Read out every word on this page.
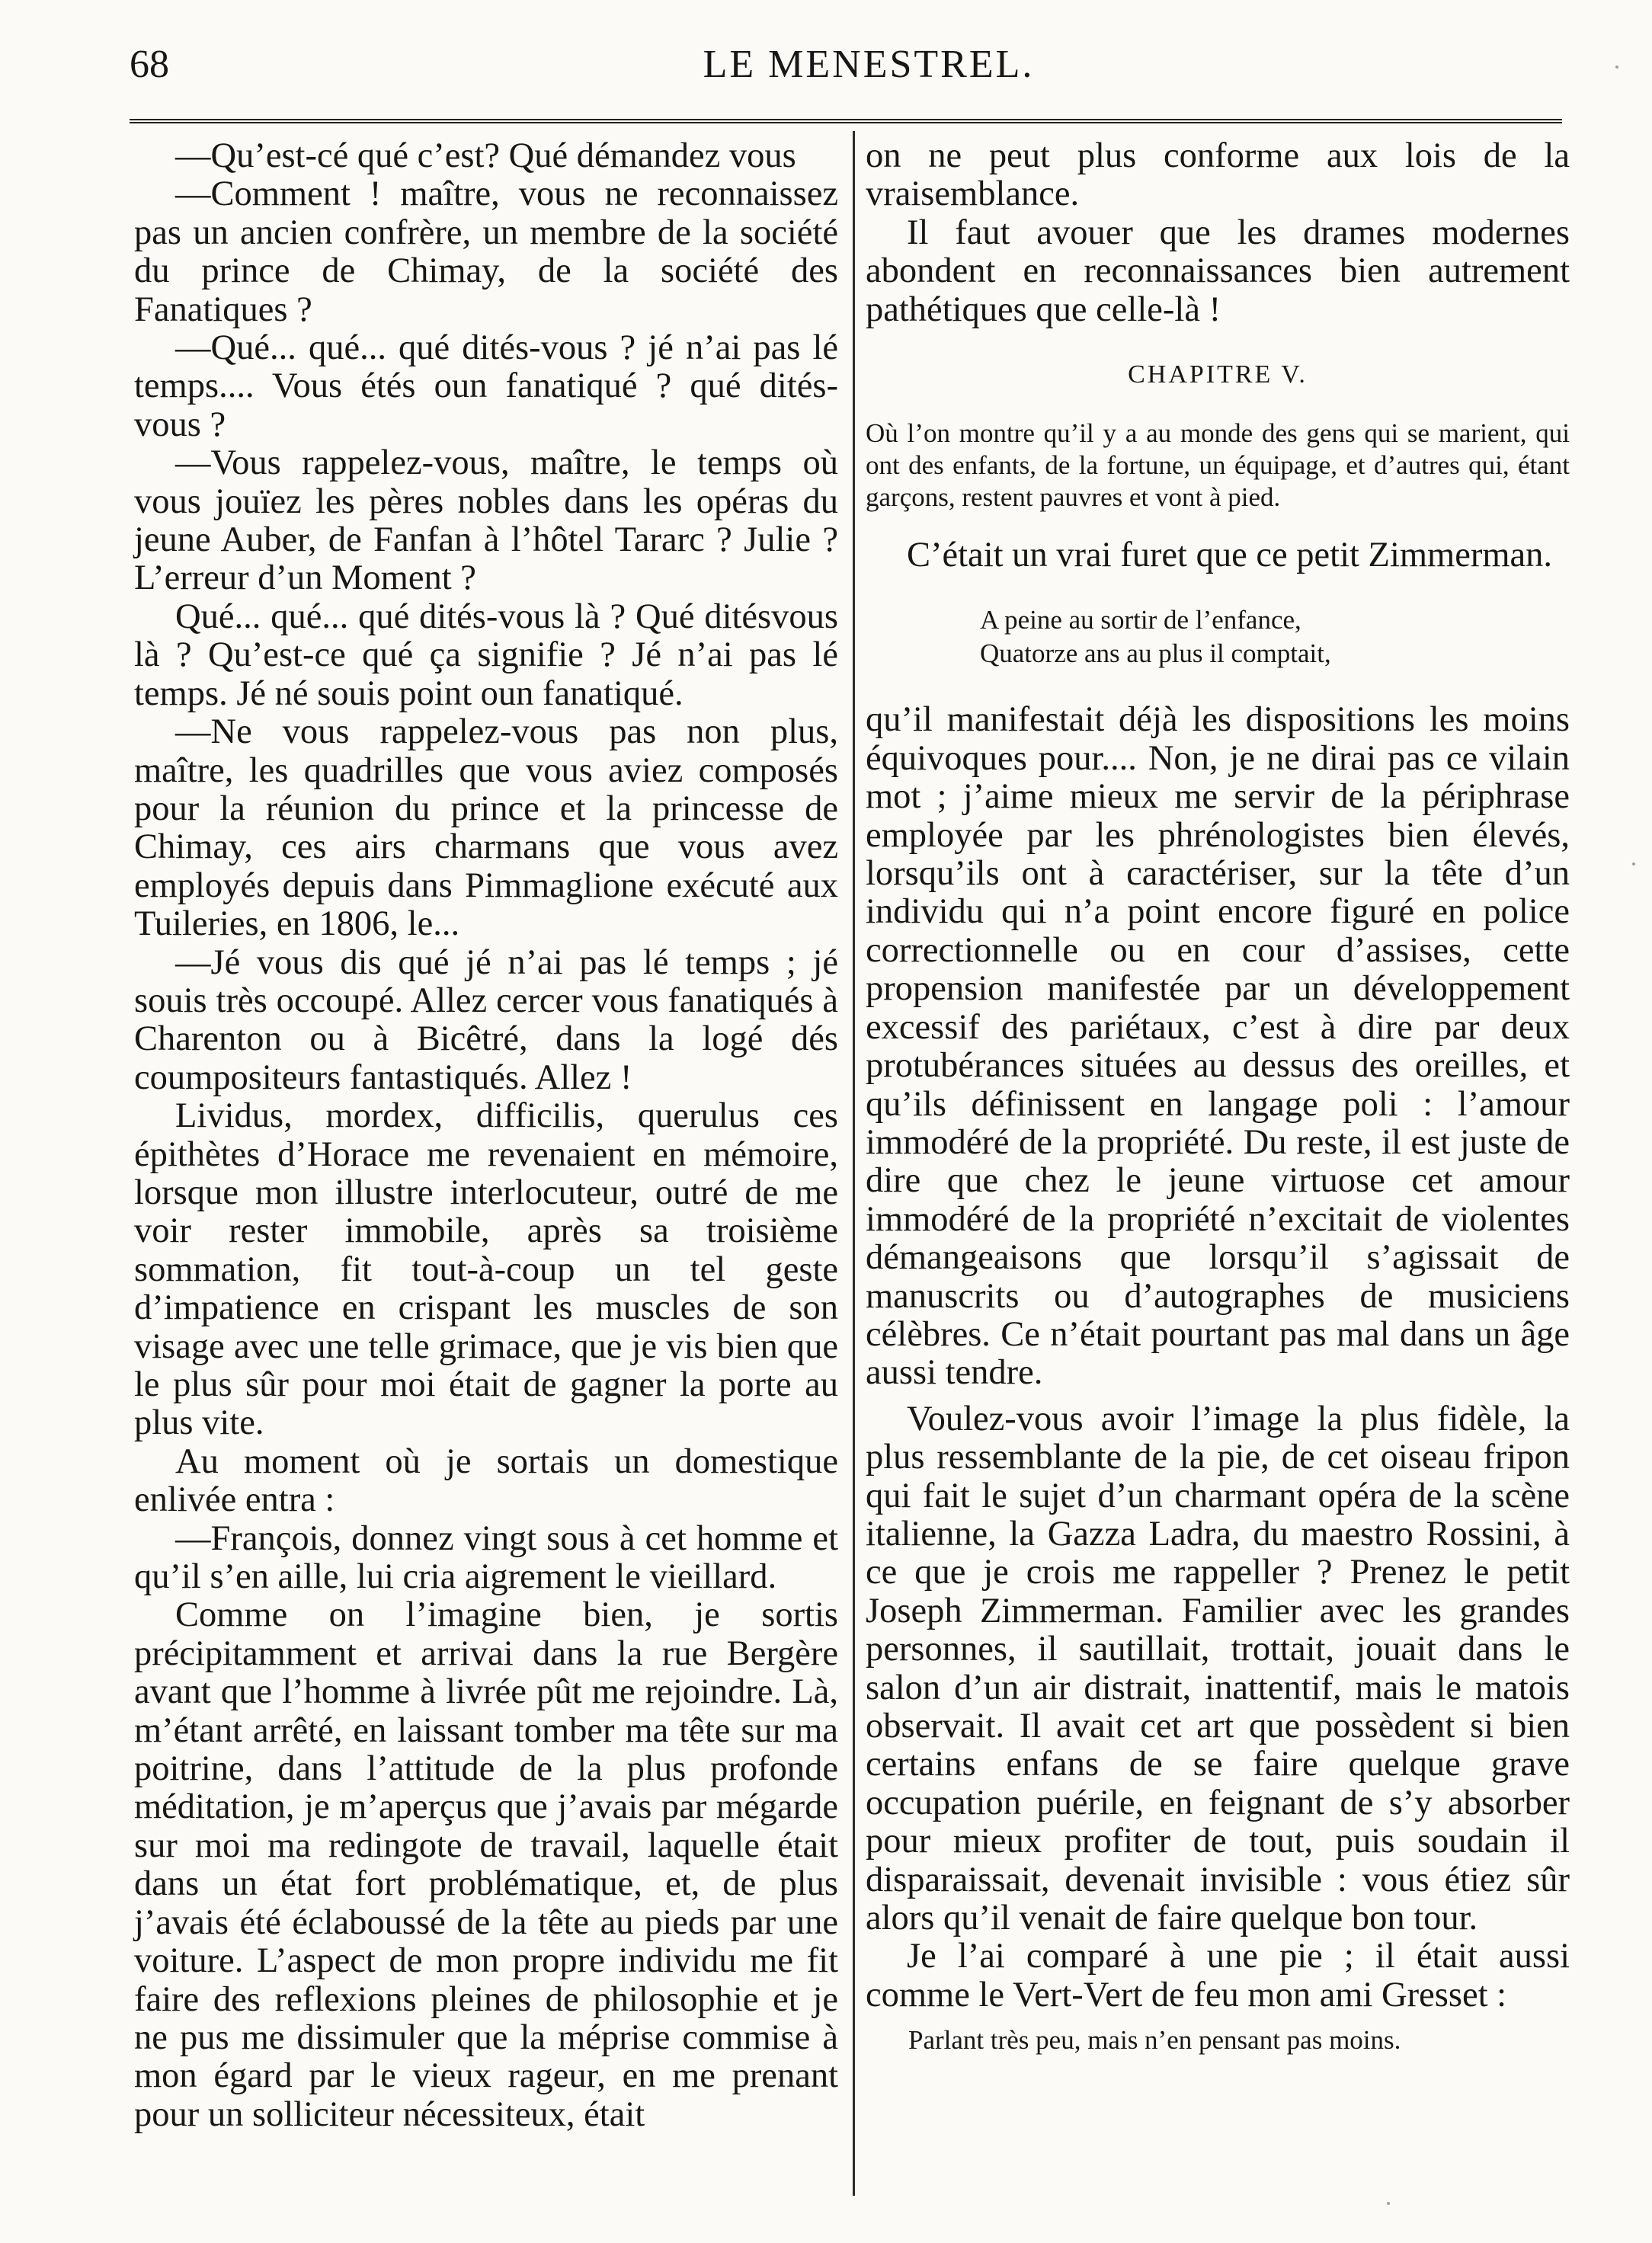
68	LE MENESTREL.

—Qu’est-cé qué c’est? Qué démandez vous

—Comment ! maître, vous ne reconnaissez pas un ancien confrère, un membre de la société du prince de Chimay, de la société des Fanatiques ?

—Qué... qué... qué dités-vous ? jé n’ai pas lé temps.... Vous étés oun fanatiqué ? qué dités-vous ?

—Vous rappelez-vous, maître, le temps où vous jouïez les pères nobles dans les opéras du jeune Auber, de Fanfan à l’hôtel Tararc ? Julie ? L’erreur d’un Moment ?

Qué... qué... qué dités-vous là ? Qué ditésvous là ? Qu’est-ce qué ça signifie ? Jé n’ai pas lé temps. Jé né souis point oun fanatiqué.

—Ne vous rappelez-vous pas non plus, maître, les quadrilles que vous aviez composés pour la réunion du prince et la princesse de Chimay, ces airs charmans que vous avez employés depuis dans Pimmaglione exécuté aux Tuileries, en 1806, le...

—Jé vous dis qué jé n’ai pas lé temps ; jé souis très occoupé. Allez cercer vous fanatiqués à Charenton ou à Bicêtré, dans la logé dés coumpositeurs fantastiqués. Allez !

Lividus, mordex, difficilis, querulus ces épithètes d’Horace me revenaient en mémoire, lorsque mon illustre interlocuteur, outré de me voir rester immobile, après sa troisième sommation, fit tout-à-coup un tel geste d’impatience en crispant les muscles de son visage avec une telle grimace, que je vis bien que le plus sûr pour moi était de gagner la porte au plus vite.

Au moment où je sortais un domestique enlivée entra :

—François, donnez vingt sous à cet homme et qu’il s’en aille, lui cria aigrement le vieillard.

Comme on l’imagine bien, je sortis précipitamment et arrivai dans la rue Bergère avant que l’homme à livrée pût me rejoindre. Là, m’étant arrêté, en laissant tomber ma tête sur ma poitrine, dans l’attitude de la plus profonde méditation, je m’aperçus que j’avais par mégarde sur moi ma redingote de travail, laquelle était dans un état fort problématique, et, de plus j’avais été éclaboussé de la tête au pieds par une voiture. L’aspect de mon propre individu me fit faire des reflexions pleines de philosophie et je ne pus me dissimuler que la méprise commise à mon égard par le vieux rageur, en me prenant pour un solliciteur nécessiteux, était

on ne peut plus conforme aux lois de la vraisemblance.

Il faut avouer que les drames modernes abondent en reconnaissances bien autrement pathétiques que celle-là !

CHAPITRE V.

Où l’on montre qu’il y a au monde des gens qui se marient, qui ont des enfants, de la fortune, un équipage, et d’autres qui, étant garçons, restent pauvres et vont à pied.

C’était un vrai furet que ce petit Zimmerman.

A peine au sortir de l’enfance,
Quatorze ans au plus il comptait,

qu’il manifestait déjà les dispositions les moins équivoques pour.... Non, je ne dirai pas ce vilain mot ; j’aime mieux me servir de la périphrase employée par les phrénologistes bien élevés, lorsqu’ils ont à caractériser, sur la tête d’un individu qui n’a point encore figuré en police correctionnelle ou en cour d’assises, cette propension manifestée par un développement excessif des pariétaux, c’est à dire par deux protubérances situées au dessus des oreilles, et qu’ils définissent en langage poli : l’amour immodéré de la propriété. Du reste, il est juste de dire que chez le jeune virtuose cet amour immodéré de la propriété n’excitait de violentes démangeaisons que lorsqu’il s’agissait de manuscrits ou d’autographes de musiciens célèbres. Ce n’était pourtant pas mal dans un âge aussi tendre.

Voulez-vous avoir l’image la plus fidèle, la plus ressemblante de la pie, de cet oiseau fripon qui fait le sujet d’un charmant opéra de la scène italienne, la Gazza Ladra, du maestro Rossini, à ce que je crois me rappeller ? Prenez le petit Joseph Zimmerman. Familier avec les grandes personnes, il sautillait, trottait, jouait dans le salon d’un air distrait, inattentif, mais le matois observait. Il avait cet art que possèdent si bien certains enfans de se faire quelque grave occupation puérile, en feignant de s’y absorber pour mieux profiter de tout, puis soudain il disparaissait, devenait invisible : vous étiez sûr alors qu’il venait de faire quelque bon tour.

Je l’ai comparé à une pie ; il était aussi comme le Vert-Vert de feu mon ami Gresset :

Parlant très peu, mais n’en pensant pas moins.
